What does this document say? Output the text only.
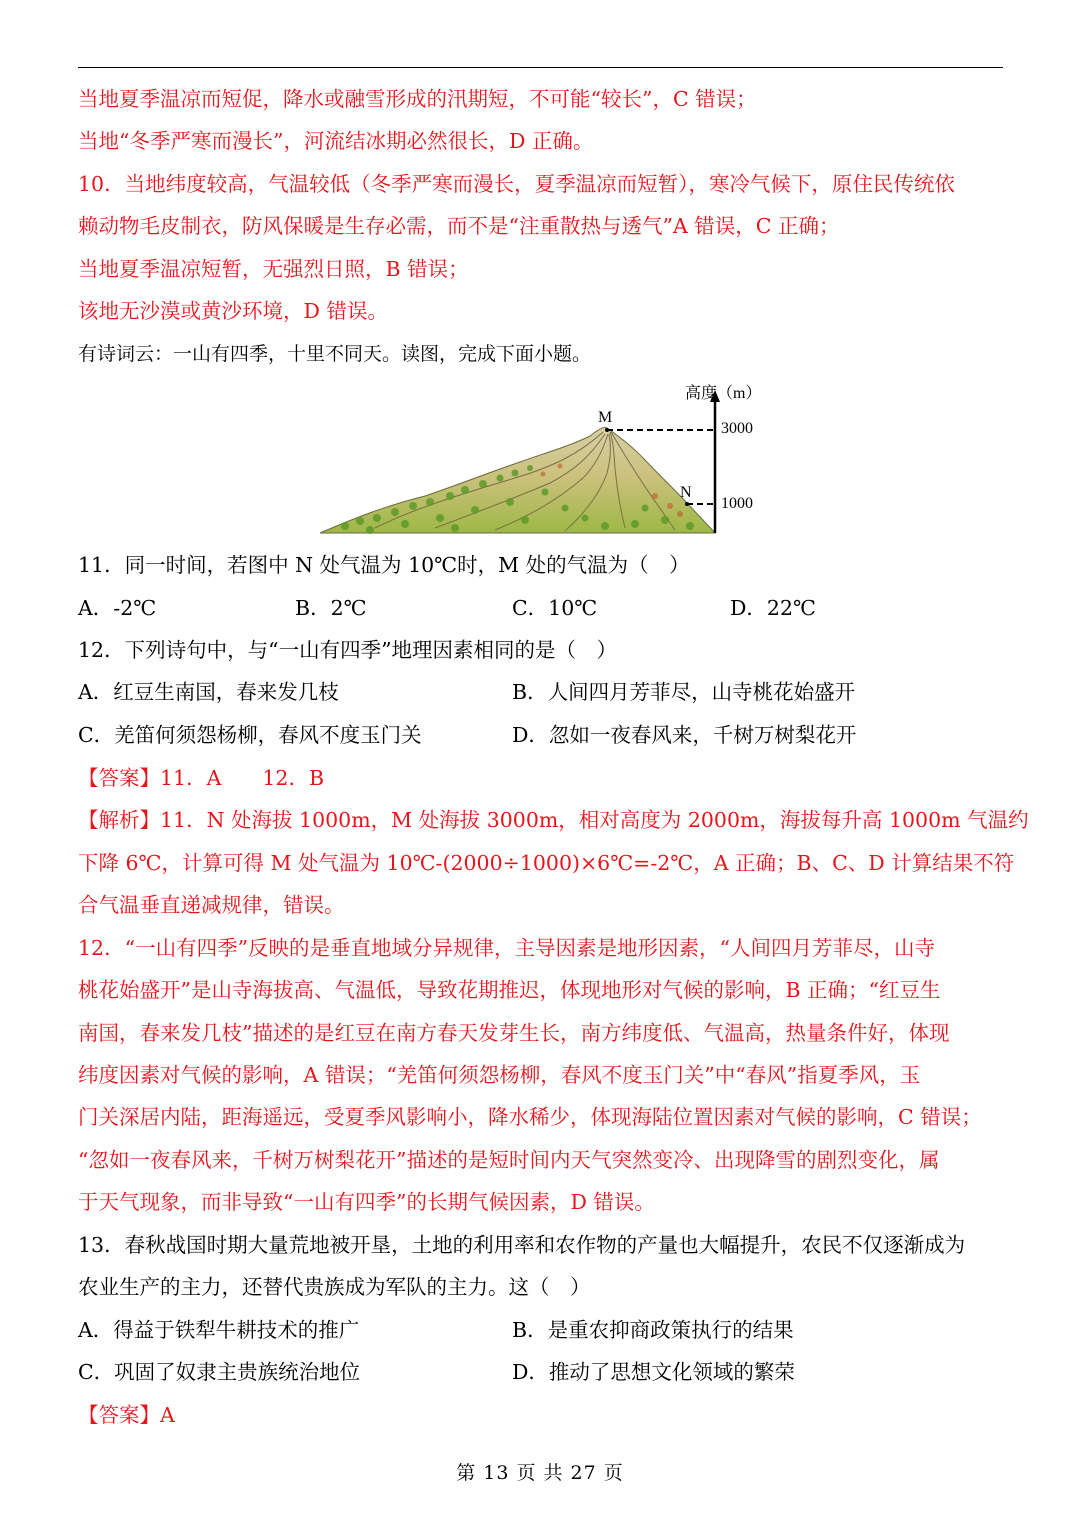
当地夏季温凉而短促，降水或融雪形成的汛期短，不可能“较长”，C 错误；
当地“冬季严寒而漫长”，河流结冰期必然很长，D 正确。
10．当地纬度较高，气温较低（冬季严寒而漫长，夏季温凉而短暂），寒冷气候下，原住民传统依
赖动物毛皮制衣，防风保暖是生存必需，而不是“注重散热与透气”A 错误，C 正确；
当地夏季温凉短暂，无强烈日照，B 错误；
该地无沙漠或黄沙环境，D 错误。
有诗词云：一山有四季，十里不同天。读图，完成下面小题。
高度（m）
3000
1000
M
N
11．同一时间，若图中 N 处气温为 10℃时，M 处的气温为（　）
A．-2℃	B．2℃	C．10℃	D．22℃
12．下列诗句中，与“一山有四季”地理因素相同的是（　）
A．红豆生南国，春来发几枝	B．人间四月芳菲尽，山寺桃花始盛开
C．羌笛何须怨杨柳，春风不度玉门关	D．忽如一夜春风来，千树万树梨花开
【答案】11．A　　12．B
【解析】11．N 处海拔 1000m，M 处海拔 3000m，相对高度为 2000m，海拔每升高 1000m 气温约
下降 6℃，计算可得 M 处气温为 10℃-(2000÷1000)×6℃=-2℃，A 正确；B、C、D 计算结果不符
合气温垂直递减规律，错误。
12．“一山有四季”反映的是垂直地域分异规律，主导因素是地形因素，“人间四月芳菲尽，山寺
桃花始盛开”是山寺海拔高、气温低，导致花期推迟，体现地形对气候的影响，B 正确；“红豆生
南国，春来发几枝”描述的是红豆在南方春天发芽生长，南方纬度低、气温高，热量条件好，体现
纬度因素对气候的影响，A 错误；“羌笛何须怨杨柳，春风不度玉门关”中“春风”指夏季风，玉
门关深居内陆，距海遥远，受夏季风影响小，降水稀少，体现海陆位置因素对气候的影响，C 错误；
“忽如一夜春风来，千树万树梨花开”描述的是短时间内天气突然变冷、出现降雪的剧烈变化，属
于天气现象，而非导致“一山有四季”的长期气候因素，D 错误。
13．春秋战国时期大量荒地被开垦，土地的利用率和农作物的产量也大幅提升，农民不仅逐渐成为
农业生产的主力，还替代贵族成为军队的主力。这（　）
A．得益于铁犁牛耕技术的推广	B．是重农抑商政策执行的结果
C．巩固了奴隶主贵族统治地位	D．推动了思想文化领域的繁荣
【答案】A
第 13 页 共 27 页
